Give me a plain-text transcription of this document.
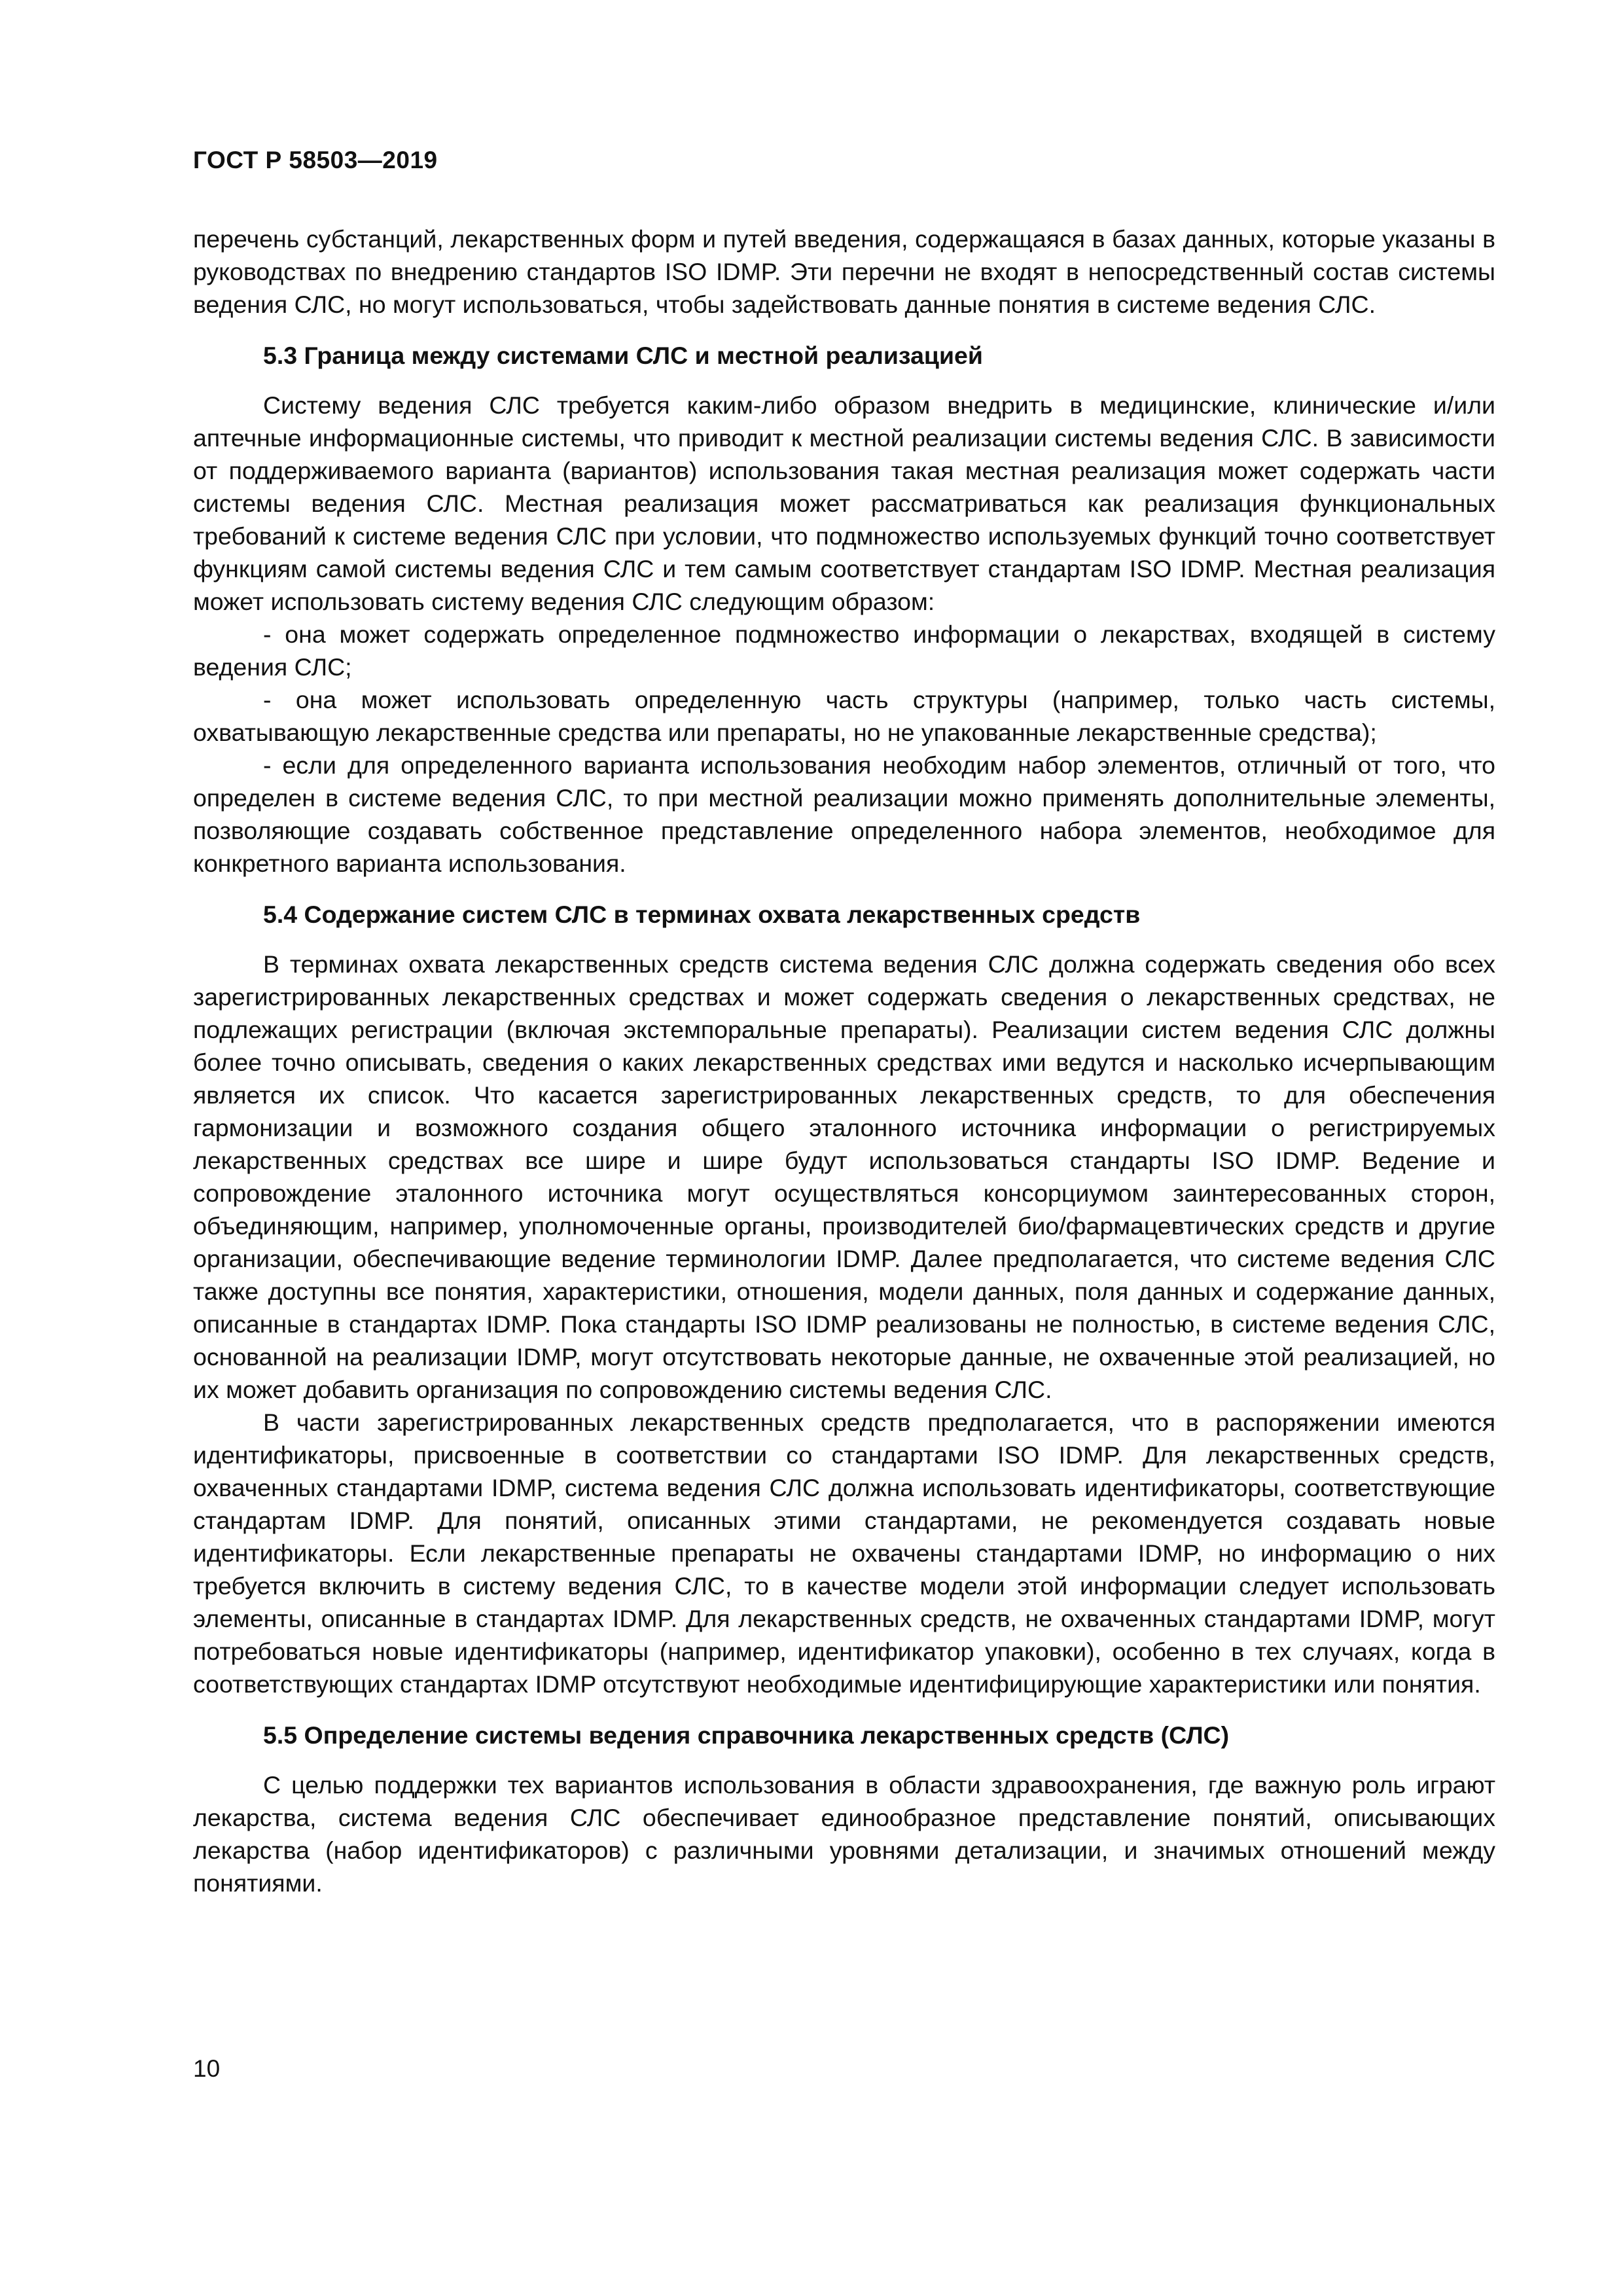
ГОСТ Р 58503—2019

перечень субстанций, лекарственных форм и путей введения, содержащаяся в базах данных, которые указаны в руководствах по внедрению стандартов ISO IDMP. Эти перечни не входят в непосредственный состав системы ведения СЛС, но могут использоваться, чтобы задействовать данные понятия в системе ведения СЛС.

5.3 Граница между системами СЛС и местной реализацией

Систему ведения СЛС требуется каким-либо образом внедрить в медицинские, клинические и/или аптечные информационные системы, что приводит к местной реализации системы ведения СЛС. В зависимости от поддерживаемого варианта (вариантов) использования такая местная реализация может содержать части системы ведения СЛС. Местная реализация может рассматриваться как реализация функциональных требований к системе ведения СЛС при условии, что подмножество используемых функций точно соответствует функциям самой системы ведения СЛС и тем самым соответствует стандартам ISO IDMP. Местная реализация может использовать систему ведения СЛС следующим образом:

- она может содержать определенное подмножество информации о лекарствах, входящей в систему ведения СЛС;

- она может использовать определенную часть структуры (например, только часть системы, охватывающую лекарственные средства или препараты, но не упакованные лекарственные средства);

- если для определенного варианта использования необходим набор элементов, отличный от того, что определен в системе ведения СЛС, то при местной реализации можно применять дополнительные элементы, позволяющие создавать собственное представление определенного набора элементов, необходимое для конкретного варианта использования.

5.4 Содержание систем СЛС в терминах охвата лекарственных средств

В терминах охвата лекарственных средств система ведения СЛС должна содержать сведения обо всех зарегистрированных лекарственных средствах и может содержать сведения о лекарственных средствах, не подлежащих регистрации (включая экстемпоральные препараты). Реализации систем ведения СЛС должны более точно описывать, сведения о каких лекарственных средствах ими ведутся и насколько исчерпывающим является их список. Что касается зарегистрированных лекарственных средств, то для обеспечения гармонизации и возможного создания общего эталонного источника информации о регистрируемых лекарственных средствах все шире и шире будут использоваться стандарты ISO IDMP. Ведение и сопровождение эталонного источника могут осуществляться консорциумом заинтересованных сторон, объединяющим, например, уполномоченные органы, производителей био/фармацевтических средств и другие организации, обеспечивающие ведение терминологии IDMP. Далее предполагается, что системе ведения СЛС также доступны все понятия, характеристики, отношения, модели данных, поля данных и содержание данных, описанные в стандартах IDMP. Пока стандарты ISO IDMP реализованы не полностью, в системе ведения СЛС, основанной на реализации IDMP, могут отсутствовать некоторые данные, не охваченные этой реализацией, но их может добавить организация по сопровождению системы ведения СЛС.

В части зарегистрированных лекарственных средств предполагается, что в распоряжении имеются идентификаторы, присвоенные в соответствии со стандартами ISO IDMP. Для лекарственных средств, охваченных стандартами IDMP, система ведения СЛС должна использовать идентификаторы, соответствующие стандартам IDMP. Для понятий, описанных этими стандартами, не рекомендуется создавать новые идентификаторы. Если лекарственные препараты не охвачены стандартами IDMP, но информацию о них требуется включить в систему ведения СЛС, то в качестве модели этой информации следует использовать элементы, описанные в стандартах IDMP. Для лекарственных средств, не охваченных стандартами IDMP, могут потребоваться новые идентификаторы (например, идентификатор упаковки), особенно в тех случаях, когда в соответствующих стандартах IDMP отсутствуют необходимые идентифицирующие характеристики или понятия.

5.5 Определение системы ведения справочника лекарственных средств (СЛС)

С целью поддержки тех вариантов использования в области здравоохранения, где важную роль играют лекарства, система ведения СЛС обеспечивает единообразное представление понятий, описывающих лекарства (набор идентификаторов) с различными уровнями детализации, и значимых отношений между понятиями.

10
